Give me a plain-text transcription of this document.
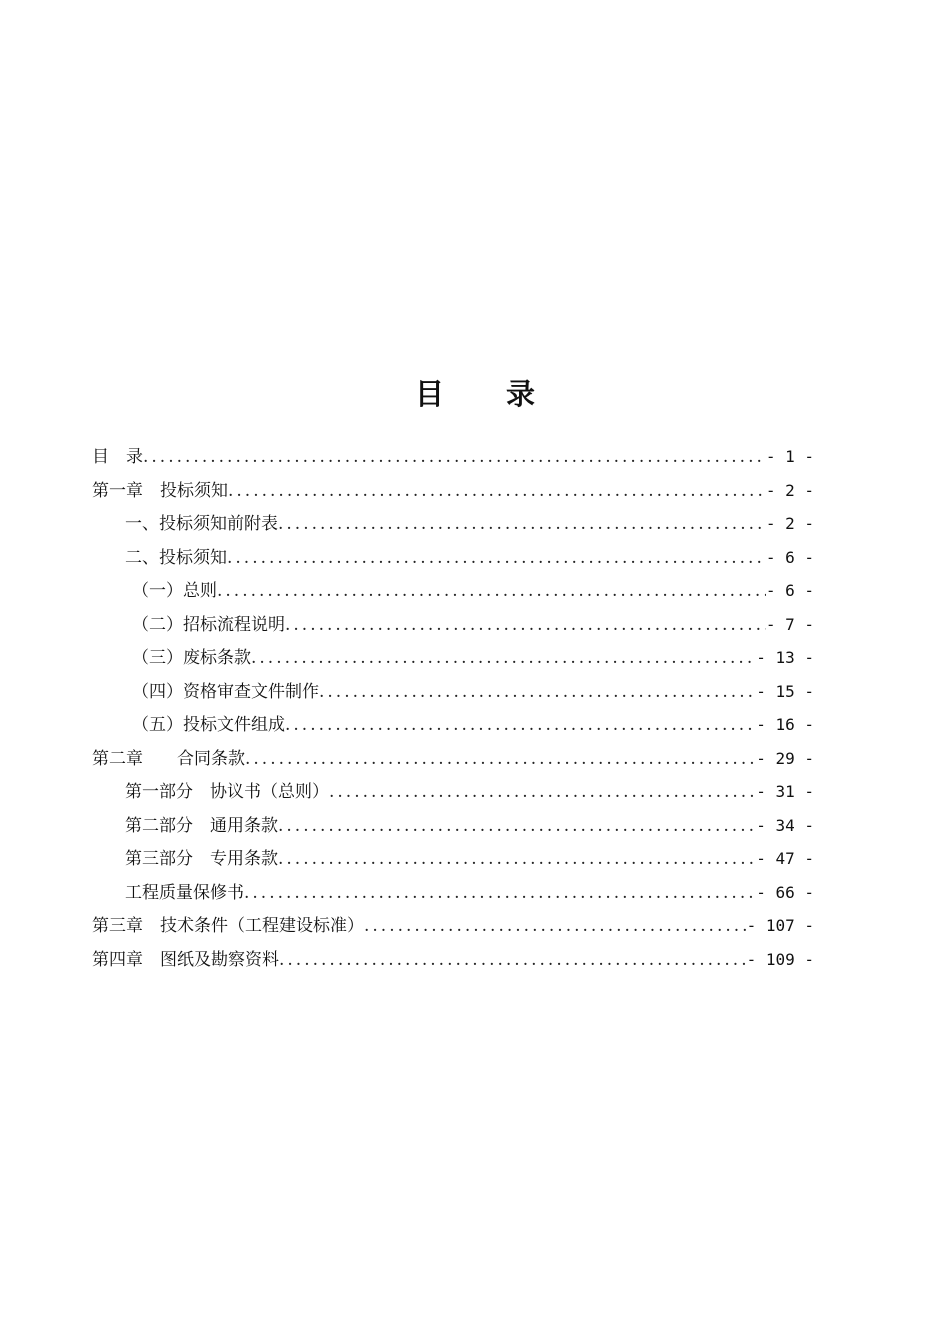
目 录
目　录 .....	- 1 -
第一章　投标须知 .....	- 2 -
一、投标须知前附表 .....	- 2 -
二、投标须知 .....	- 6 -
（一）总则 .....	- 6 -
（二）招标流程说明 .....	- 7 -
（三）废标条款 .....	- 13 -
（四）资格审查文件制作 .....	- 15 -
（五）投标文件组成 .....	- 16 -
第二章　　合同条款 .....	- 29 -
第一部分　协议书（总则） .....	- 31 -
第二部分　通用条款 .....	- 34 -
第三部分　专用条款 .....	- 47 -
工程质量保修书 .....	- 66 -
第三章　技术条件（工程建设标准） .....	- 107 -
第四章　图纸及勘察资料 .....	- 109 -
